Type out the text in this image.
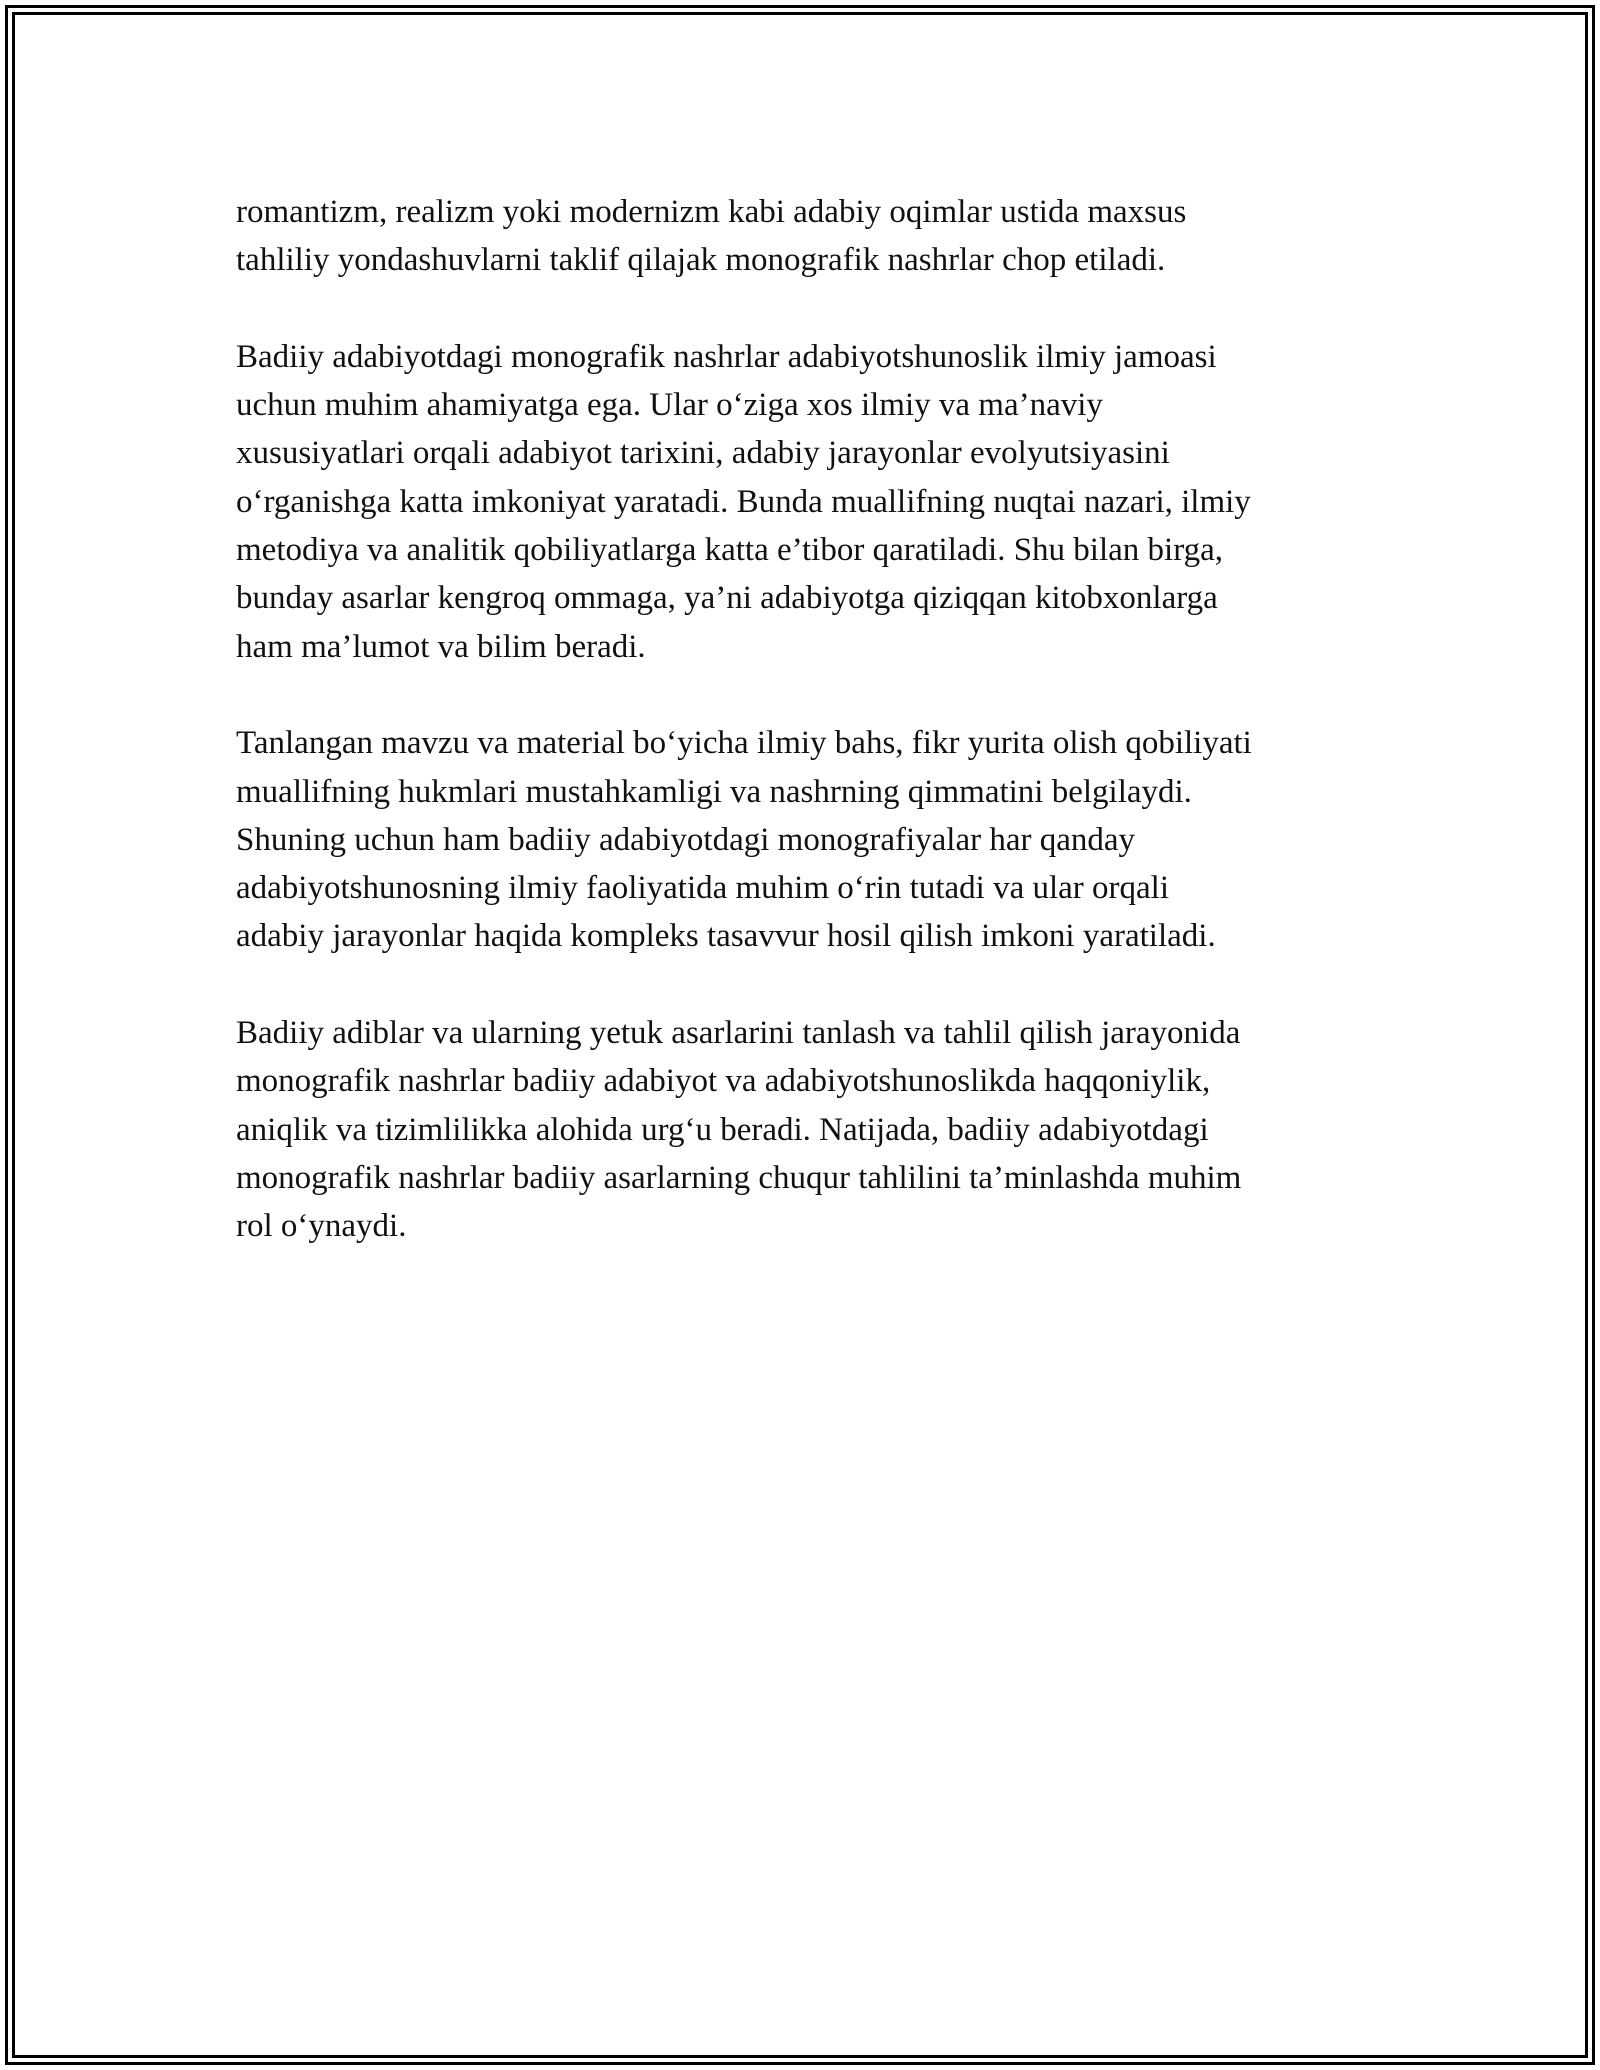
romantizm, realizm yoki modernizm kabi adabiy oqimlar ustida maxsus
tahliliy yondashuvlarni taklif qilajak monografik nashrlar chop etiladi.

Badiiy adabiyotdagi monografik nashrlar adabiyotshunoslik ilmiy jamoasi
uchun muhim ahamiyatga ega. Ular o‘ziga xos ilmiy va ma’naviy
xususiyatlari orqali adabiyot tarixini, adabiy jarayonlar evolyutsiyasini
o‘rganishga katta imkoniyat yaratadi. Bunda muallifning nuqtai nazari, ilmiy
metodiya va analitik qobiliyatlarga katta e’tibor qaratiladi. Shu bilan birga,
bunday asarlar kengroq ommaga, ya’ni adabiyotga qiziqqan kitobxonlarga
ham ma’lumot va bilim beradi.

Tanlangan mavzu va material bo‘yicha ilmiy bahs, fikr yurita olish qobiliyati
muallifning hukmlari mustahkamligi va nashrning qimmatini belgilaydi.
Shuning uchun ham badiiy adabiyotdagi monografiyalar har qanday
adabiyotshunosning ilmiy faoliyatida muhim o‘rin tutadi va ular orqali
adabiy jarayonlar haqida kompleks tasavvur hosil qilish imkoni yaratiladi.

Badiiy adiblar va ularning yetuk asarlarini tanlash va tahlil qilish jarayonida
monografik nashrlar badiiy adabiyot va adabiyotshunoslikda haqqoniylik,
aniqlik va tizimlilikka alohida urg‘u beradi. Natijada, badiiy adabiyotdagi
monografik nashrlar badiiy asarlarning chuqur tahlilini ta’minlashda muhim
rol o‘ynaydi.
